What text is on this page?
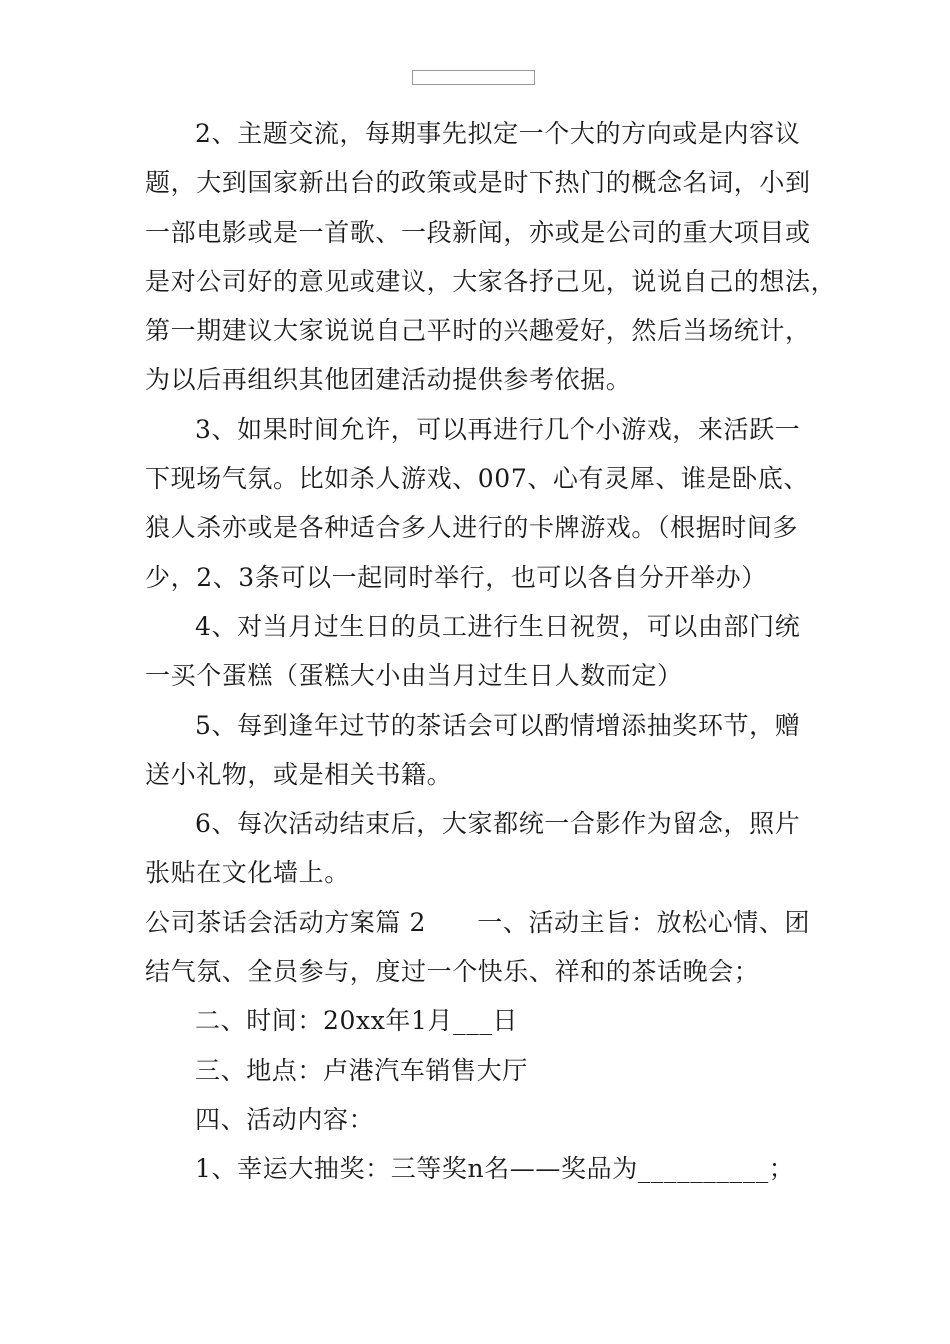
2、主题交流，每期事先拟定一个大的方向或是内容议
题，大到国家新出台的政策或是时下热门的概念名词，小到
一部电影或是一首歌、一段新闻，亦或是公司的重大项目或
是对公司好的意见或建议，大家各抒己见，说说自己的想法，
第一期建议大家说说自己平时的兴趣爱好，然后当场统计，
为以后再组织其他团建活动提供参考依据。
3、如果时间允许，可以再进行几个小游戏，来活跃一
下现场气氛。比如杀人游戏、007、心有灵犀、谁是卧底、
狼人杀亦或是各种适合多人进行的卡牌游戏。（根据时间多
少，2、3条可以一起同时举行，也可以各自分开举办）
4、对当月过生日的员工进行生日祝贺，可以由部门统
一买个蛋糕（蛋糕大小由当月过生日人数而定）
5、每到逢年过节的茶话会可以酌情增添抽奖环节，赠
送小礼物，或是相关书籍。
6、每次活动结束后，大家都统一合影作为留念，照片
张贴在文化墙上。
公司茶话会活动方案篇 2　　一、活动主旨：放松心情、团
结气氛、全员参与，度过一个快乐、祥和的茶话晚会；
二、时间：20xx年1月___日
三、地点：卢港汽车销售大厅
四、活动内容：
1、幸运大抽奖：三等奖n名——奖品为__________；
